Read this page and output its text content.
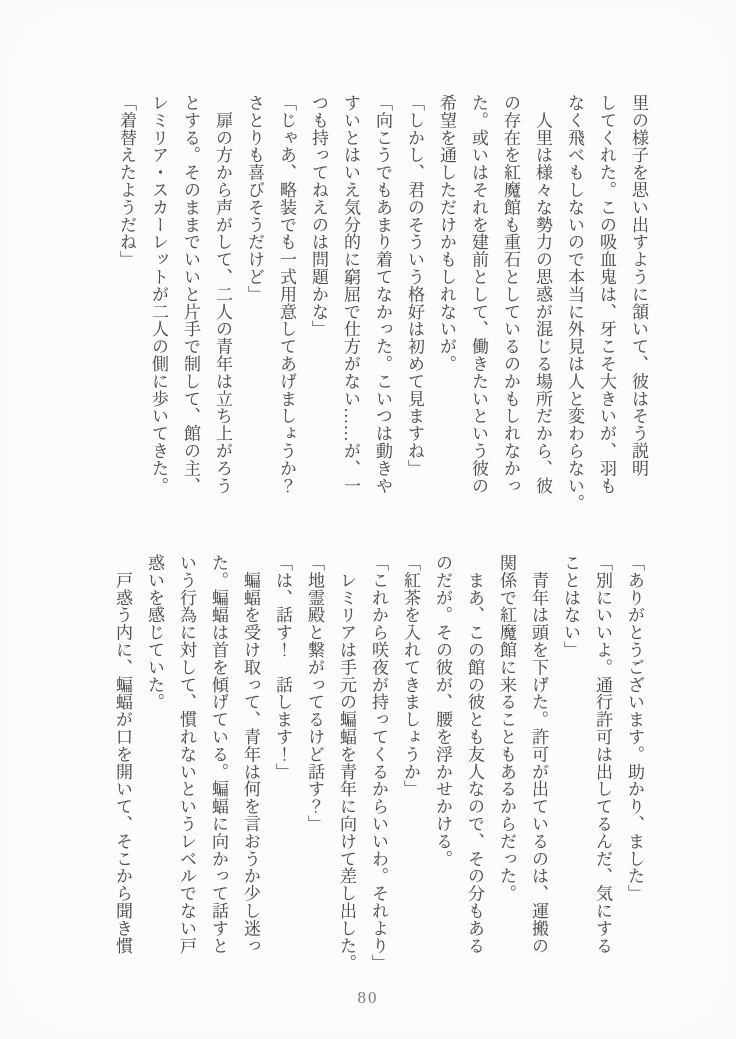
里の様子を思い出すように頷いて、彼はそう説明
してくれた。この吸血鬼は、牙こそ大きいが、羽も
なく飛べもしないので本当に外見は人と変わらない。
　人里は様々な勢力の思惑が混じる場所だから、彼
の存在を紅魔館も重石としているのかもしれなかっ
た。或いはそれを建前として、働きたいという彼の
希望を通しただけかもしれないが。
「しかし、君のそういう格好は初めて見ますね」
「向こうでもあまり着てなかった。こいつは動きや
すいとはいえ気分的に窮屈で仕方がない……が、一
つも持ってねえのは問題かな」
「じゃあ、略装でも一式用意してあげましょうか？
さとりも喜びそうだけど」
　扉の方から声がして、二人の青年は立ち上がろう
とする。そのままでいいと片手で制して、館の主、
レミリア・スカーレットが二人の側に歩いてきた。
「着替えたようだね」
「ありがとうございます。助かり、ました」
「別にいいよ。通行許可は出してるんだ、気にする
ことはない」
　青年は頭を下げた。許可が出ているのは、運搬の
関係で紅魔館に来ることもあるからだった。
　まあ、この館の彼とも友人なので、その分もある
のだが。その彼が、腰を浮かせかける。
「紅茶を入れてきましょうか」
「これから咲夜が持ってくるからいいわ。それより」
　レミリアは手元の蝙蝠を青年に向けて差し出した。
「地霊殿と繋がってるけど話す？」
「は、話す！　話します！」
　蝙蝠を受け取って、青年は何を言おうか少し迷っ
た。蝙蝠は首を傾げている。蝙蝠に向かって話すと
いう行為に対して、慣れないというレベルでない戸
惑いを感じていた。
　戸惑う内に、蝙蝠が口を開いて、そこから聞き慣
80
